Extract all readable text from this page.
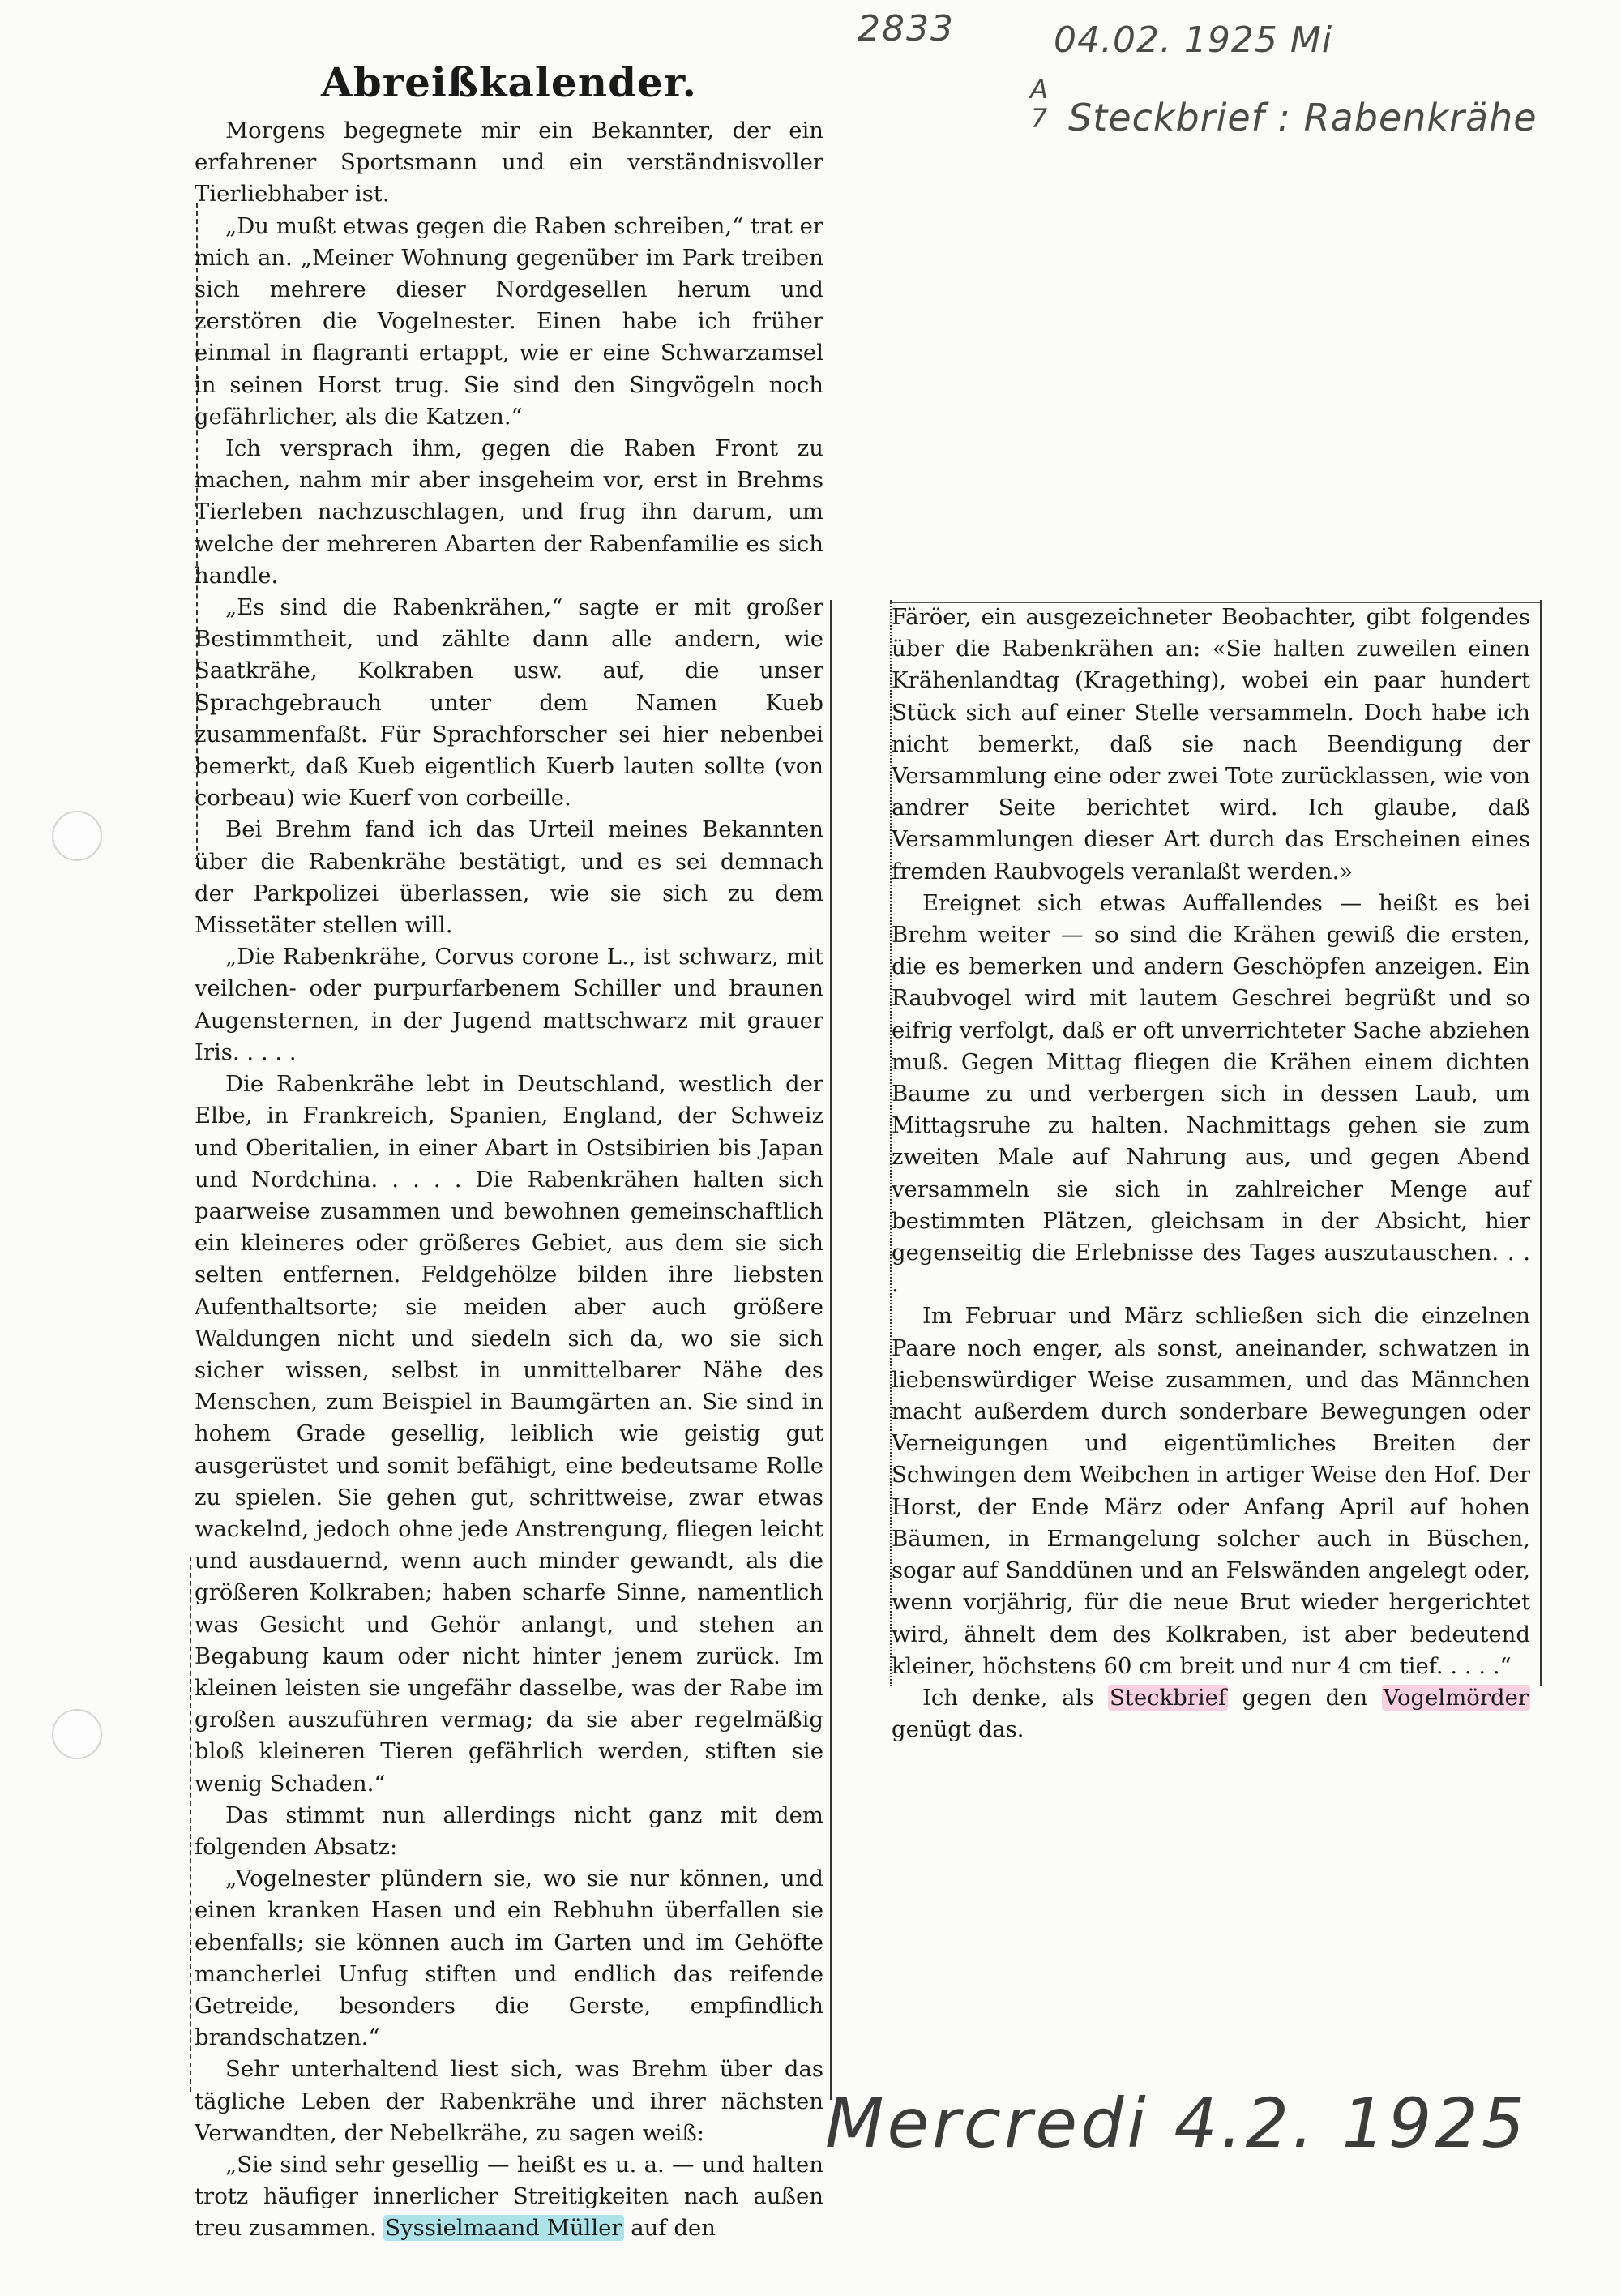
2833	04.02. 1925 Mi
A
7 Steckbrief : Rabenkrähe
Mercredi 4.2. 1925
Abreißkalender.

Morgens begegnete mir ein Bekannter, der ein erfahrener Sportsmann und ein verständnisvoller Tierliebhaber ist.

„Du mußt etwas gegen die Raben schreiben,“ trat er mich an. „Meiner Wohnung gegenüber im Park treiben sich mehrere dieser Nordgesellen herum und zerstören die Vogelnester. Einen habe ich früher einmal in flagranti ertappt, wie er eine Schwarzamsel in seinen Horst trug. Sie sind den Singvögeln noch gefährlicher, als die Katzen.“

Ich versprach ihm, gegen die Raben Front zu machen, nahm mir aber insgeheim vor, erst in Brehms Tierleben nachzuschlagen, und frug ihn darum, um welche der mehreren Abarten der Rabenfamilie es sich handle.

„Es sind die Rabenkrähen,“ sagte er mit großer Bestimmtheit, und zählte dann alle andern, wie Saatkrähe, Kolkraben usw. auf, die unser Sprachgebrauch unter dem Namen Kueb zusammenfaßt. Für Sprachforscher sei hier nebenbei bemerkt, daß Kueb eigentlich Kuerb lauten sollte (von corbeau) wie Kuerf von corbeille.

Bei Brehm fand ich das Urteil meines Bekannten über die Rabenkrähe bestätigt, und es sei demnach der Parkpolizei überlassen, wie sie sich zu dem Missetäter stellen will.

„Die Rabenkrähe, Corvus corone L., ist schwarz, mit veilchen- oder purpurfarbenem Schiller und braunen Augensternen, in der Jugend mattschwarz mit grauer Iris. . . . .

Die Rabenkrähe lebt in Deutschland, westlich der Elbe, in Frankreich, Spanien, England, der Schweiz und Oberitalien, in einer Abart in Ostsibirien bis Japan und Nordchina. . . . . Die Rabenkrähen halten sich paarweise zusammen und bewohnen gemeinschaftlich ein kleineres oder größeres Gebiet, aus dem sie sich selten entfernen. Feldgehölze bilden ihre liebsten Aufenthaltsorte; sie meiden aber auch größere Waldungen nicht und siedeln sich da, wo sie sich sicher wissen, selbst in unmittelbarer Nähe des Menschen, zum Beispiel in Baumgärten an. Sie sind in hohem Grade gesellig, leiblich wie geistig gut ausgerüstet und somit befähigt, eine bedeutsame Rolle zu spielen. Sie gehen gut, schrittweise, zwar etwas wackelnd, jedoch ohne jede Anstrengung, fliegen leicht und ausdauernd, wenn auch minder gewandt, als die größeren Kolkraben; haben scharfe Sinne, namentlich was Gesicht und Gehör anlangt, und stehen an Begabung kaum oder nicht hinter jenem zurück. Im kleinen leisten sie ungefähr dasselbe, was der Rabe im großen auszuführen vermag; da sie aber regelmäßig bloß kleineren Tieren gefährlich werden, stiften sie wenig Schaden.“

Das stimmt nun allerdings nicht ganz mit dem folgenden Absatz:

„Vogelnester plündern sie, wo sie nur können, und einen kranken Hasen und ein Rebhuhn überfallen sie ebenfalls; sie können auch im Garten und im Gehöfte mancherlei Unfug stiften und endlich das reifende Getreide, besonders die Gerste, empfindlich brandschatzen.“

Sehr unterhaltend liest sich, was Brehm über das tägliche Leben der Rabenkrähe und ihrer nächsten Verwandten, der Nebelkrähe, zu sagen weiß:

„Sie sind sehr gesellig — heißt es u. a. — und halten trotz häufiger innerlicher Streitigkeiten nach außen treu zusammen. Syssielmaand Müller auf den

Färöer, ein ausgezeichneter Beobachter, gibt folgendes über die Rabenkrähen an: «Sie halten zuweilen einen Krähenlandtag (Kragething), wobei ein paar hundert Stück sich auf einer Stelle versammeln. Doch habe ich nicht bemerkt, daß sie nach Beendigung der Versammlung eine oder zwei Tote zurücklassen, wie von andrer Seite berichtet wird. Ich glaube, daß Versammlungen dieser Art durch das Erscheinen eines fremden Raubvogels veranlaßt werden.»

Ereignet sich etwas Auffallendes — heißt es bei Brehm weiter — so sind die Krähen gewiß die ersten, die es bemerken und andern Geschöpfen anzeigen. Ein Raubvogel wird mit lautem Geschrei begrüßt und so eifrig verfolgt, daß er oft unverrichteter Sache abziehen muß. Gegen Mittag fliegen die Krähen einem dichten Baume zu und verbergen sich in dessen Laub, um Mittagsruhe zu halten. Nachmittags gehen sie zum zweiten Male auf Nahrung aus, und gegen Abend versammeln sie sich in zahlreicher Menge auf bestimmten Plätzen, gleichsam in der Absicht, hier gegenseitig die Erlebnisse des Tages auszutauschen. . . .

Im Februar und März schließen sich die einzelnen Paare noch enger, als sonst, aneinander, schwatzen in liebenswürdiger Weise zusammen, und das Männchen macht außerdem durch sonderbare Bewegungen oder Verneigungen und eigentümliches Breiten der Schwingen dem Weibchen in artiger Weise den Hof. Der Horst, der Ende März oder Anfang April auf hohen Bäumen, in Ermangelung solcher auch in Büschen, sogar auf Sanddünen und an Felswänden angelegt oder, wenn vorjährig, für die neue Brut wieder hergerichtet wird, ähnelt dem des Kolkraben, ist aber bedeutend kleiner, höchstens 60 cm breit und nur 4 cm tief. . . . .“

Ich denke, als Steckbrief gegen den Vogelmörder genügt das.
